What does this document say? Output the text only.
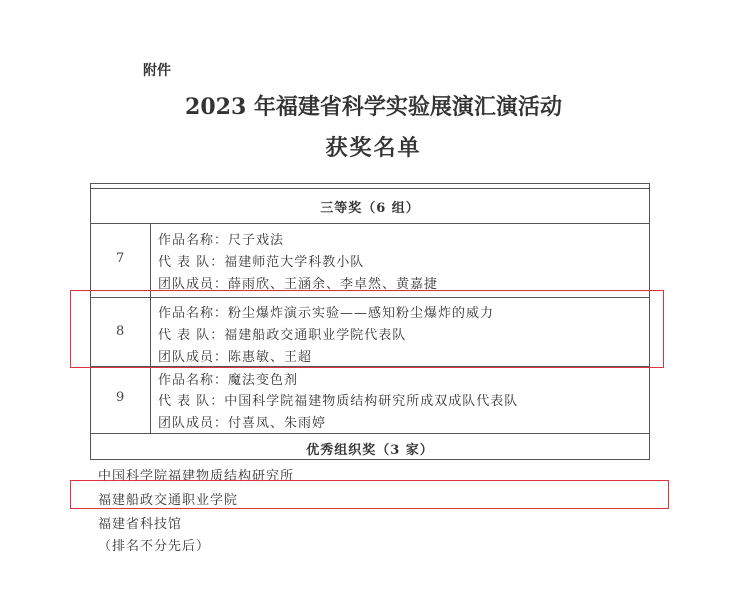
附件
2023 年福建省科学实验展演汇演活动
获奖名单
三等奖（6 组）
7
作品名称：尺子戏法
代 表 队：福建师范大学科教小队
团队成员：薛雨欣、王涵余、李卓然、黄嘉捷
8
作品名称：粉尘爆炸演示实验——感知粉尘爆炸的威力
代 表 队：福建船政交通职业学院代表队
团队成员：陈惠敏、王超
9
作品名称：魔法变色剂
代 表 队：中国科学院福建物质结构研究所成双成队代表队
团队成员：付喜凤、朱雨婷
优秀组织奖（3 家）
中国科学院福建物质结构研究所
福建船政交通职业学院
福建省科技馆
（排名不分先后）
